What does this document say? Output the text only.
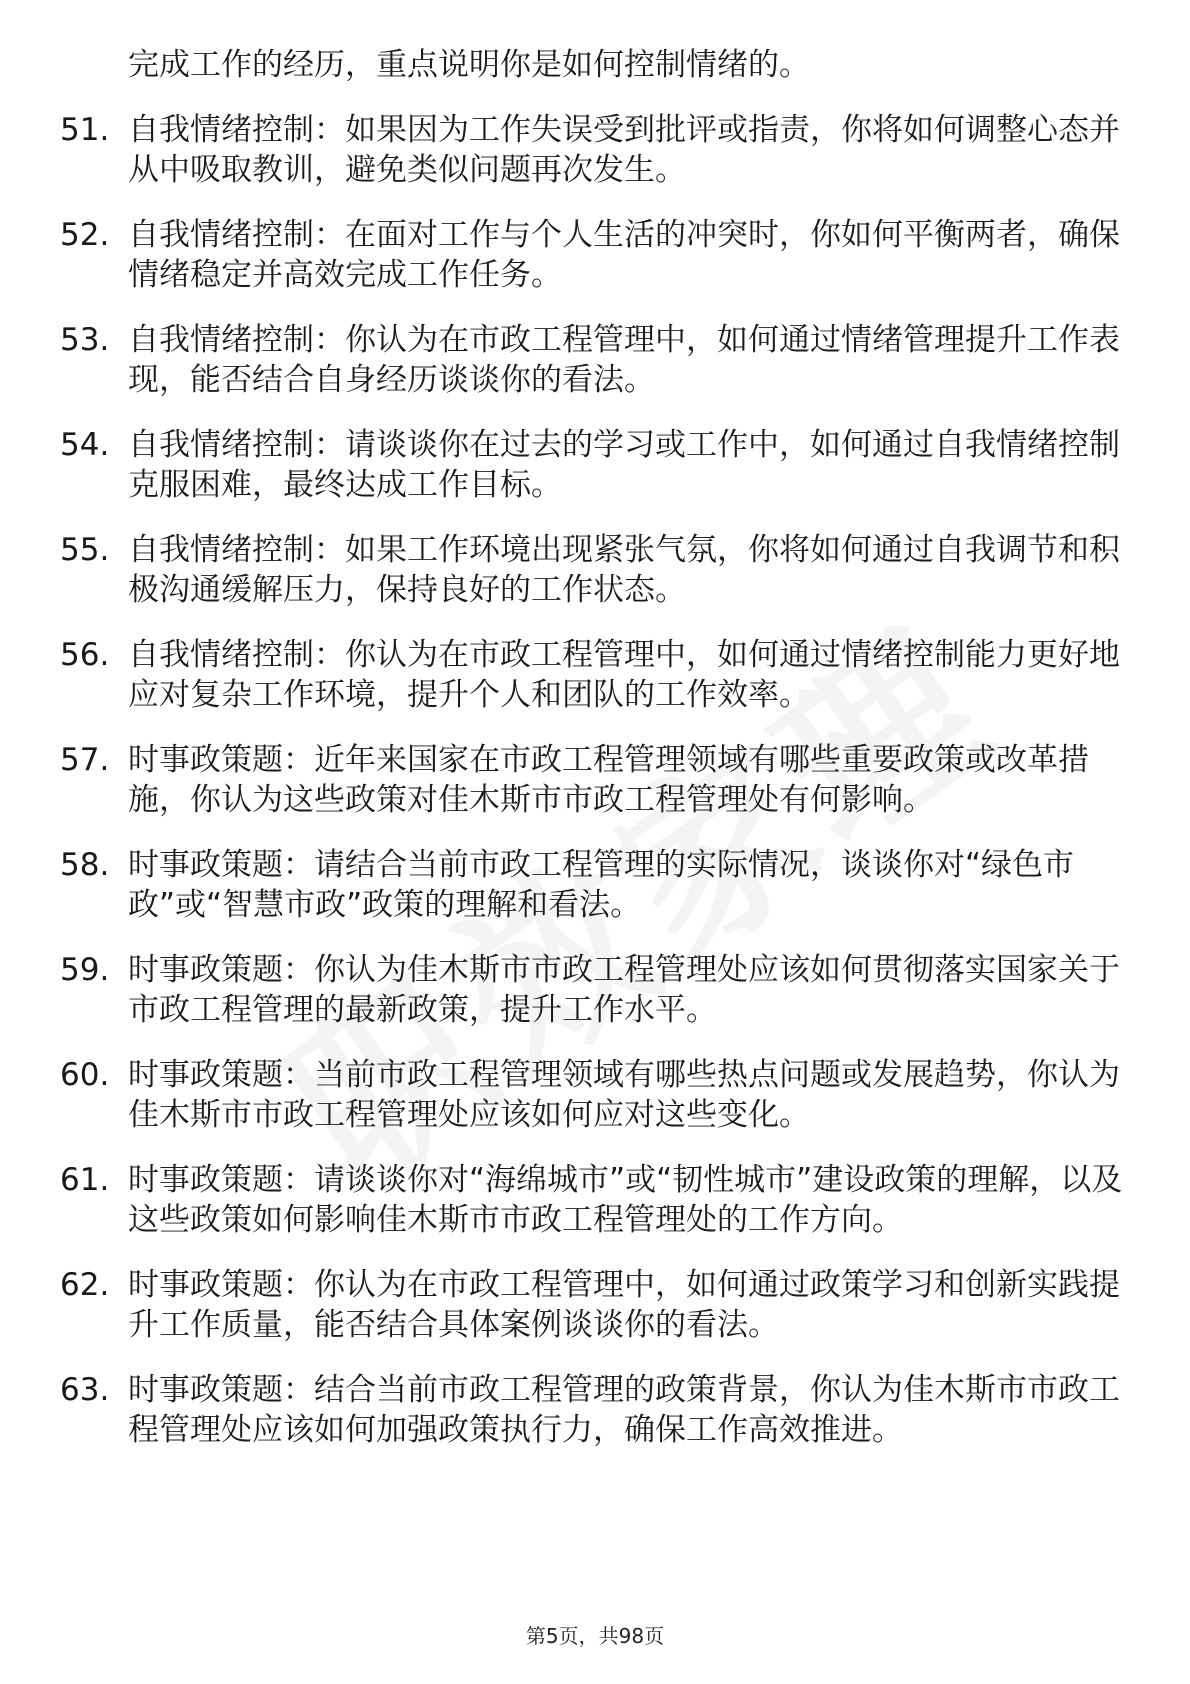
完成工作的经历，重点说明你是如何控制情绪的。
51. 自我情绪控制：如果因为工作失误受到批评或指责，你将如何调整心态并从中吸取教训，避免类似问题再次发生。
52. 自我情绪控制：在面对工作与个人生活的冲突时，你如何平衡两者，确保情绪稳定并高效完成工作任务。
53. 自我情绪控制：你认为在市政工程管理中，如何通过情绪管理提升工作表现，能否结合自身经历谈谈你的看法。
54. 自我情绪控制：请谈谈你在过去的学习或工作中，如何通过自我情绪控制克服困难，最终达成工作目标。
55. 自我情绪控制：如果工作环境出现紧张气氛，你将如何通过自我调节和积极沟通缓解压力，保持良好的工作状态。
56. 自我情绪控制：你认为在市政工程管理中，如何通过情绪控制能力更好地应对复杂工作环境，提升个人和团队的工作效率。
57. 时事政策题：近年来国家在市政工程管理领域有哪些重要政策或改革措施，你认为这些政策对佳木斯市市政工程管理处有何影响。
58. 时事政策题：请结合当前市政工程管理的实际情况，谈谈你对“绿色市政”或“智慧市政”政策的理解和看法。
59. 时事政策题：你认为佳木斯市市政工程管理处应该如何贯彻落实国家关于市政工程管理的最新政策，提升工作水平。
60. 时事政策题：当前市政工程管理领域有哪些热点问题或发展趋势，你认为佳木斯市市政工程管理处应该如何应对这些变化。
61. 时事政策题：请谈谈你对“海绵城市”或“韧性城市”建设政策的理解，以及这些政策如何影响佳木斯市市政工程管理处的工作方向。
62. 时事政策题：你认为在市政工程管理中，如何通过政策学习和创新实践提升工作质量，能否结合具体案例谈谈你的看法。
63. 时事政策题：结合当前市政工程管理的政策背景，你认为佳木斯市市政工程管理处应该如何加强政策执行力，确保工作高效推进。
第5页，共98页
